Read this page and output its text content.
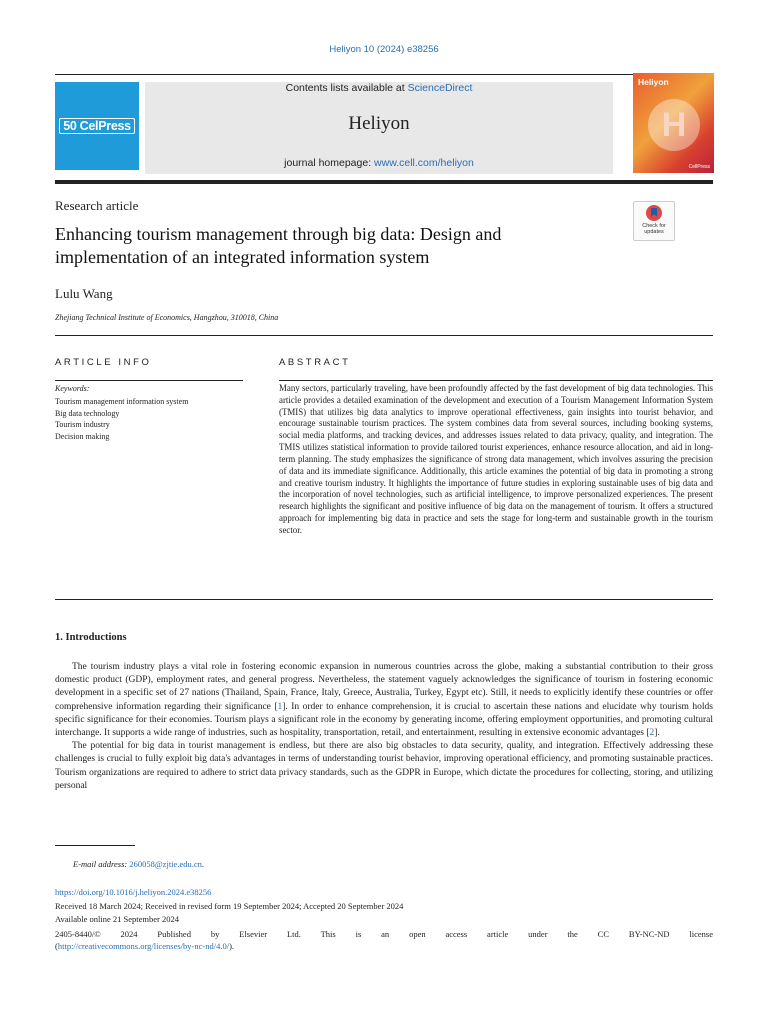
Heliyon 10 (2024) e38256
50 CelPress
Contents lists available at ScienceDirect
Heliyon
journal homepage: www.cell.com/heliyon
Heliyon
H
CellPress
Research article
Enhancing tourism management through big data: Design and implementation of an integrated information system
Check for updates
Lulu Wang
Zhejiang Technical Institute of Economics, Hangzhou, 310018, China
ARTICLE INFO	ABSTRACT
Keywords:
Tourism management information system
Big data technology
Tourism industry
Decision making
Many sectors, particularly traveling, have been profoundly affected by the fast development of big data technologies. This article provides a detailed examination of the development and execution of a Tourism Management Information System (TMIS) that utilizes big data analytics to improve operational effectiveness, gain insights into tourist behavior, and encourage sustainable tourism practices. The system combines data from several sources, including booking systems, social media platforms, and tracking devices, and addresses issues related to data privacy, quality, and integration. The TMIS utilizes statistical information to provide tailored tourist experiences, enhance resource allocation, and aid in long-term planning. The study emphasizes the significance of strong data management, which involves assuring the precision of data and its immediate significance. Additionally, this article examines the potential of big data in promoting a strong and creative tourism industry. It highlights the importance of future studies in exploring sustainable uses of big data and the incorporation of novel technologies, such as artificial intelligence, to improve personalized experiences. The present research highlights the significant and positive influence of big data on the management of tourism. It offers a structured approach for implementing big data in practice and sets the stage for long-term and sustainable growth in the tourism sector.
1. Introductions

The tourism industry plays a vital role in fostering economic expansion in numerous countries across the globe, making a substantial contribution to their gross domestic product (GDP), employment rates, and general progress. Nevertheless, the statement vaguely acknowledges the significance of tourism in fostering economic development in a specific set of 27 nations (Thailand, Spain, France, Italy, Greece, Australia, Turkey, Egypt etc). Still, it needs to explicitly identify these countries or offer comprehensive information regarding their significance [1]. In order to enhance comprehension, it is crucial to ascertain these nations and elucidate why tourism holds specific significance for their economies. Tourism plays a significant role in the economy by generating income, offering employment opportunities, and promoting cultural interchange. It supports a wide range of industries, such as hospitality, transportation, retail, and entertainment, resulting in extensive economic advantages [2].

The potential for big data in tourist management is endless, but there are also big obstacles to data security, quality, and integration. Effectively addressing these challenges is crucial to fully exploit big data's advantages in terms of understanding tourist behavior, improving operational efficiency, and promoting sustainable practices. Tourism organizations are required to adhere to strict data privacy standards, such as the GDPR in Europe, which dictate the procedures for collecting, storing, and utilizing personal

E-mail address: 260058@zjtie.edu.cn.
https://doi.org/10.1016/j.heliyon.2024.e38256
Received 18 March 2024; Received in revised form 19 September 2024; Accepted 20 September 2024
Available online 21 September 2024
2405-8440/© 2024 Published by Elsevier Ltd. This is an open access article under the CC BY-NC-ND license
(http://creativecommons.org/licenses/by-nc-nd/4.0/).
